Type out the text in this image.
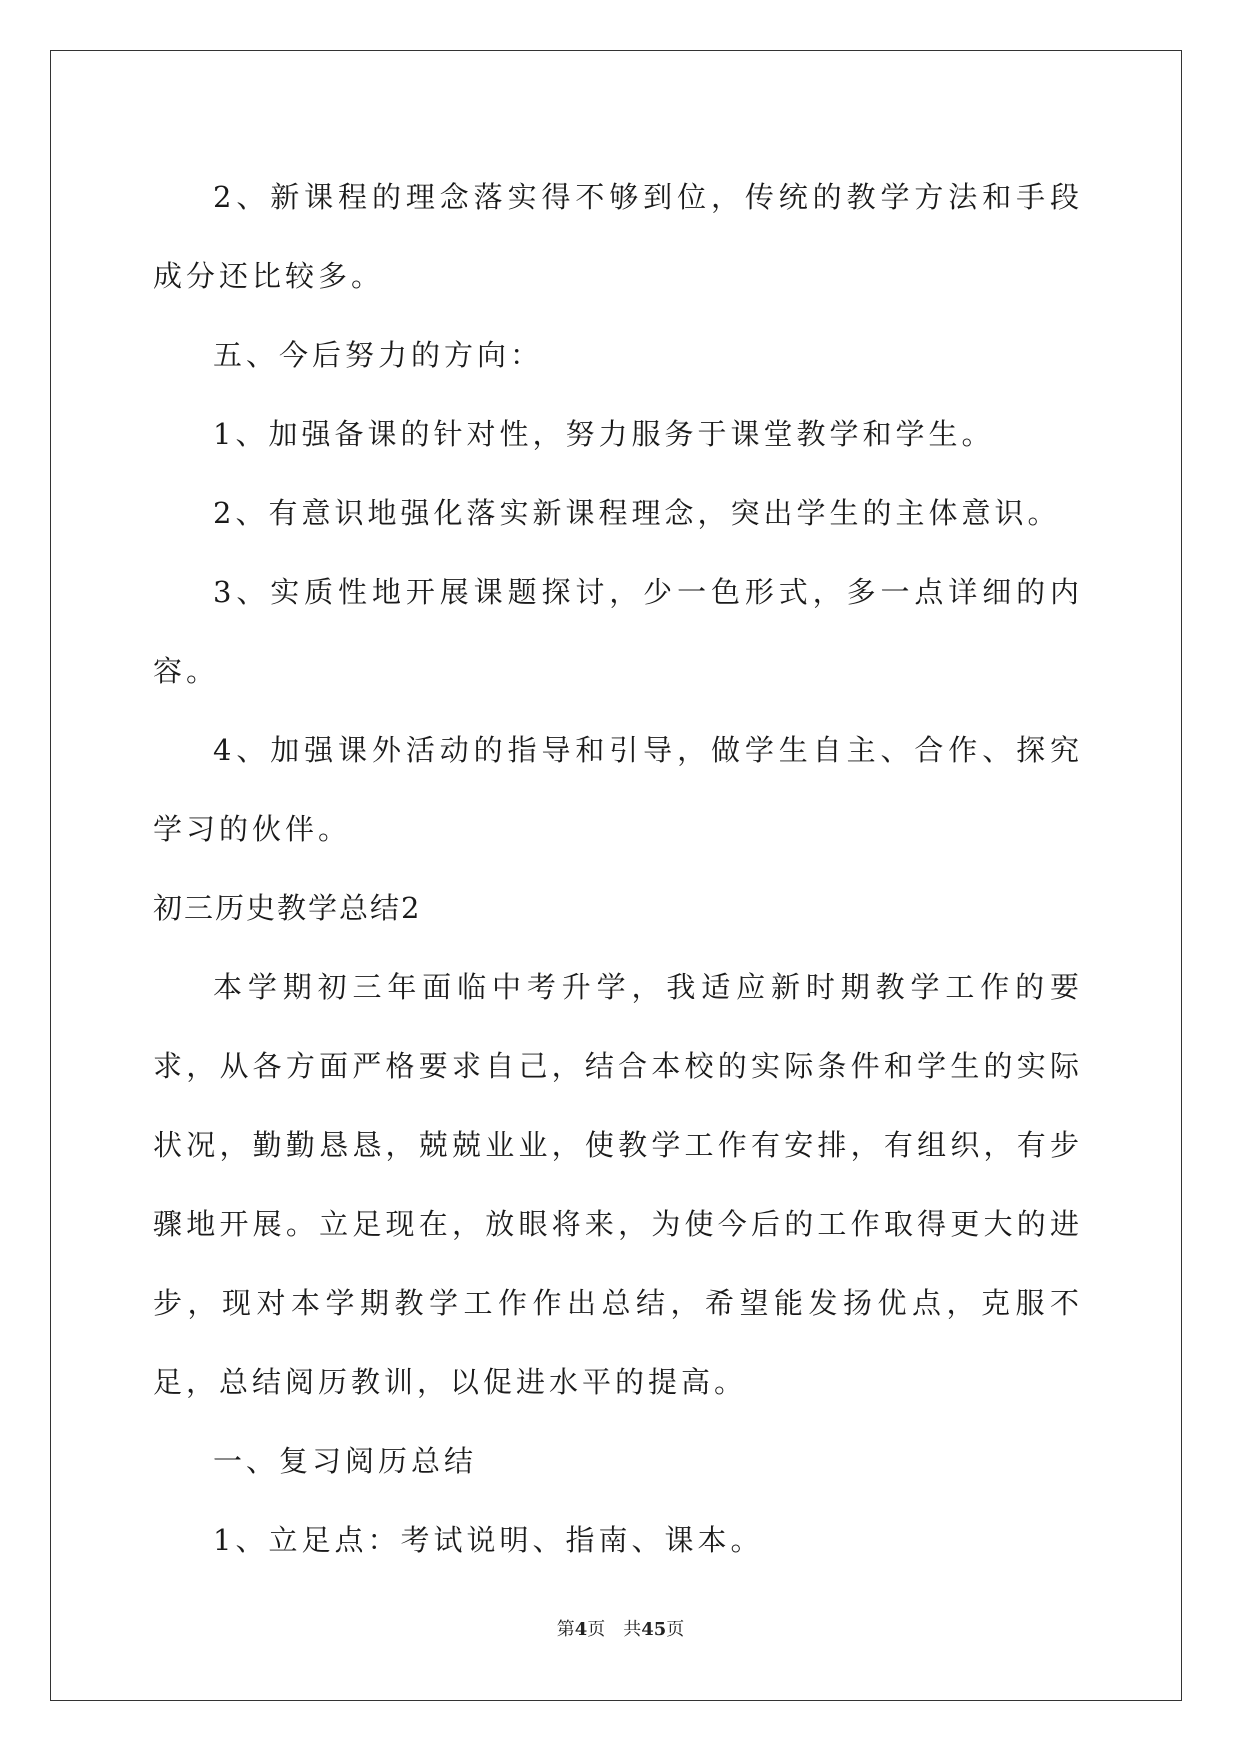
2、新课程的理念落实得不够到位，传统的教学方法和手段成分还比较多。

五、今后努力的方向：

1、加强备课的针对性，努力服务于课堂教学和学生。

2、有意识地强化落实新课程理念，突出学生的主体意识。

3、实质性地开展课题探讨，少一色形式，多一点详细的内容。

4、加强课外活动的指导和引导，做学生自主、合作、探究学习的伙伴。

初三历史教学总结2

本学期初三年面临中考升学，我适应新时期教学工作的要求，从各方面严格要求自己，结合本校的实际条件和学生的实际状况，勤勤恳恳，兢兢业业，使教学工作有安排，有组织，有步骤地开展。立足现在，放眼将来，为使今后的工作取得更大的进步，现对本学期教学工作作出总结，希望能发扬优点，克服不足，总结阅历教训，以促进水平的提高。

一、复习阅历总结

1、立足点：考试说明、指南、课本。

第4页 共45页
